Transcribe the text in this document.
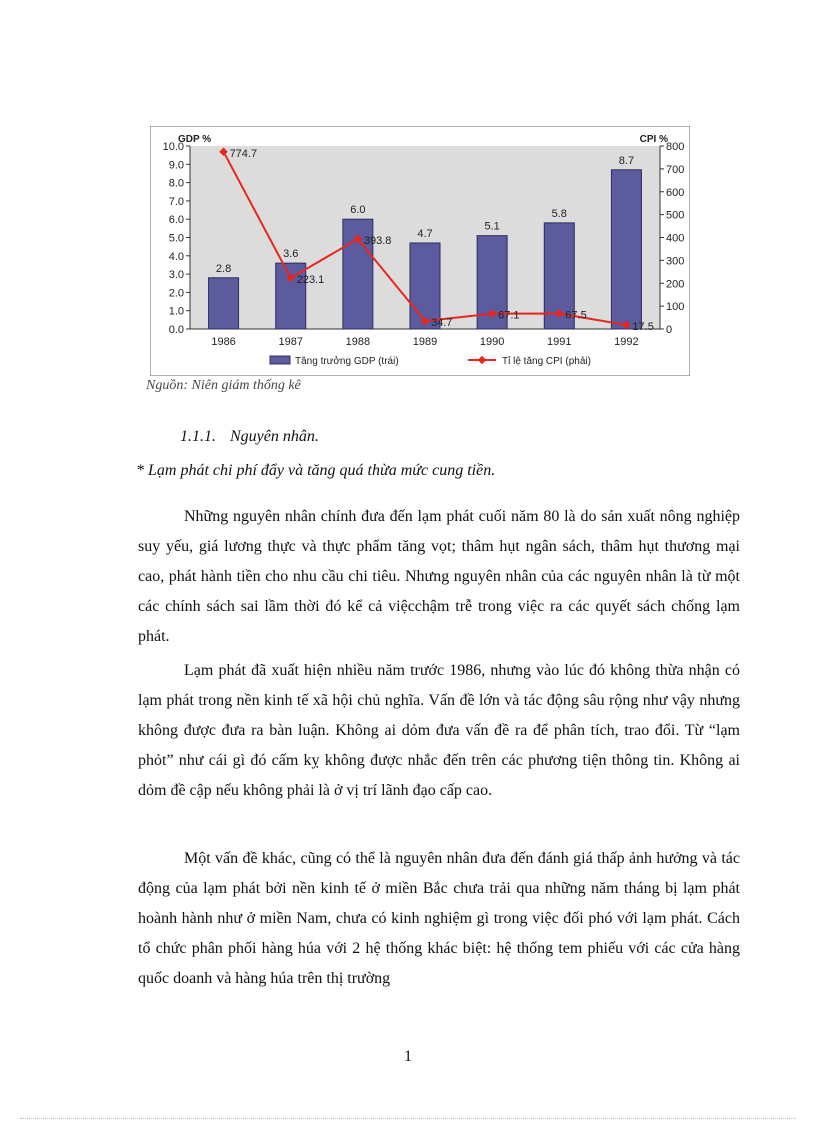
10.0
9.0
8.0
7.0
6.0
5.0
4.0
3.0
2.0
1.0
0.0
800
700
600
500
400
300
200
100
0
GDP %	CPI %
2.8
3.6
6.0
4.7
5.1
5.8
8.7
774.7
223.1
393.8
34.7
67.1	67.5
17.5
1986	1987	1988	1989	1990	1991	1992
Tăng trưởng GDP (trái)	Tỉ lệ tăng CPI (phải)
Nguồn: Niên giám thống kê
1.1.1. Nguyên nhân.
* Lạm phát chi phí đẩy và tăng quá thừa mức cung tiền.

Những nguyên nhân chính đưa đến lạm phát cuối năm 80 là do sản xuất nông nghiệp suy yếu, giá lương thực và thực phẩm tăng vọt; thâm hụt ngân sách, thâm hụt thương mại cao, phát hành tiền cho nhu cầu chi tiêu. Nhưng nguyên nhân của các nguyên nhân là từ một các chính sách sai lầm thời đó kể cả việcchậm trễ trong việc ra các quyết sách chống lạm phát.

Lạm phát đã xuất hiện nhiều năm trước 1986, nhưng vào lúc đó không thừa nhận có lạm phát trong nền kinh tế xã hội chủ nghĩa. Vấn đề lớn và tác động sâu rộng như vậy nhưng không được đưa ra bàn luận. Không ai dỏm đưa vấn đề ra để phân tích, trao đổi. Từ “lạm phỏt” như cái gì đó cấm kỵ không được nhắc đến trên các phương tiện thông tin. Không ai dỏm đề cập nếu không phải là ở vị trí lãnh đạo cấp cao.

Một vấn đề khác, cũng có thể là nguyên nhân đưa đến đánh giá thấp ảnh hưởng và tác động của lạm phát bởi nền kinh tế ở miền Bắc chưa trải qua những năm tháng bị lạm phát hoành hành như ở miền Nam, chưa có kinh nghiệm gì trong việc đối phó với lạm phát. Cách tổ chức phân phối hàng húa với 2 hệ thống khác biệt: hệ thống tem phiếu với các cửa hàng quốc doanh và hàng húa trên thị trường

1
